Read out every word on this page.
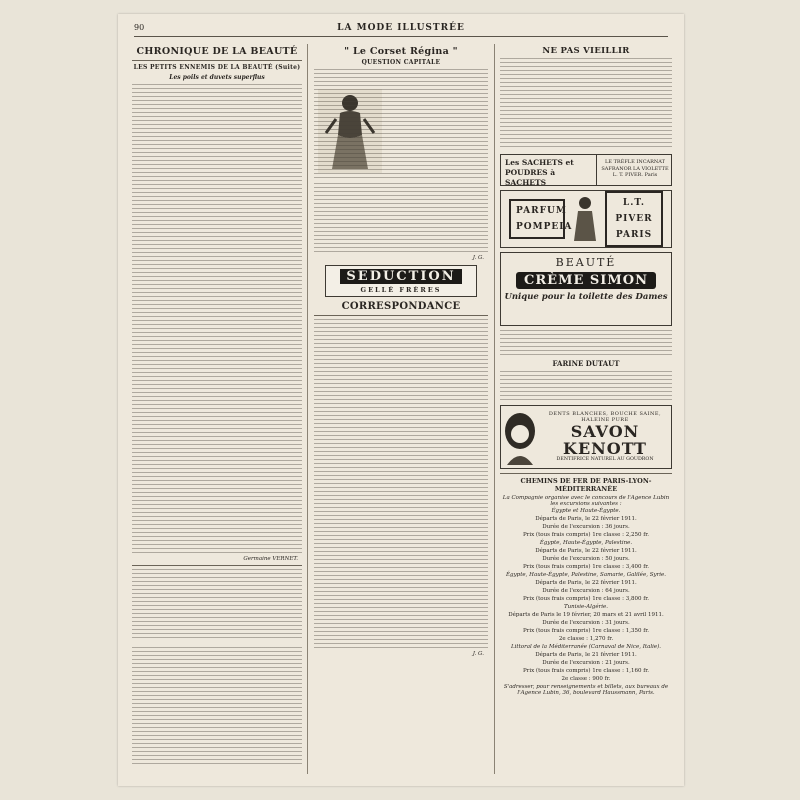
90	LA MODE ILLUSTRÉE
CHRONIQUE DE LA BEAUTÉ
LES PETITS ENNEMIS DE LA BEAUTÉ (Suite)
Les poils et duvets superflus
Germaine VERNET.
" Le Corset Régina "
QUESTION CAPITALE
J. G.
SEDUCTION
GELLÉ FRÈRES
CORRESPONDANCE
J. G.
NE PAS VIEILLIR
Les SACHETS et POUDRES à SACHETS
LE TRÈFLE INCARNAT SAFRANOR LA VIOLETTE L. T. PIVER. Paris
PARFUM POMPEIA
L.T. PIVER PARIS
BEAUTÉ
CRÈME SIMON
Unique pour la toilette des Dames
FARINE DUTAUT
DENTS BLANCHES, BOUCHE SAINE, HALEINE PURE
SAVON KENOTT
DENTIFRICE NATUREL AU GOUDRON
CHEMINS DE FER DE PARIS-LYON-MÉDITERRANÉE
La Compagnie organise avec le concours de l'Agence Lubin les excursions suivantes :
Égypte et Haute-Égypte.
Départs de Paris, le 22 février 1911.
Durée de l'excursion : 36 jours.
Prix (tous frais compris) 1re classe : 2,250 fr.
Égypte, Haute-Égypte, Palestine.
Départs de Paris, le 22 février 1911.
Durée de l'excursion : 50 jours.
Prix (tous frais compris) 1re classe : 3,400 fr.
Égypte, Haute-Égypte, Palestine, Samarie, Galilée, Syrie.
Départs de Paris, le 22 février 1911.
Durée de l'excursion : 64 jours.
Prix (tous frais compris) 1re classe : 3,800 fr.
Tunisie-Algérie.
Départs de Paris le 19 février, 20 mars et 21 avril 1911.
Durée de l'excursion : 31 jours.
Prix (tous frais compris) 1re classe : 1,350 fr.
2e classe : 1,270 fr.
Littoral de la Méditerranée (Carnaval de Nice, Italie).
Départs de Paris, le 21 février 1911.
Durée de l'excursion : 21 jours.
Prix (tous frais compris) 1re classe : 1,160 fr.
2e classe : 900 fr.
S'adresser, pour renseignements et billets, aux bureaux de l'Agence Lubin, 36, boulevard Haussmann, Paris.
